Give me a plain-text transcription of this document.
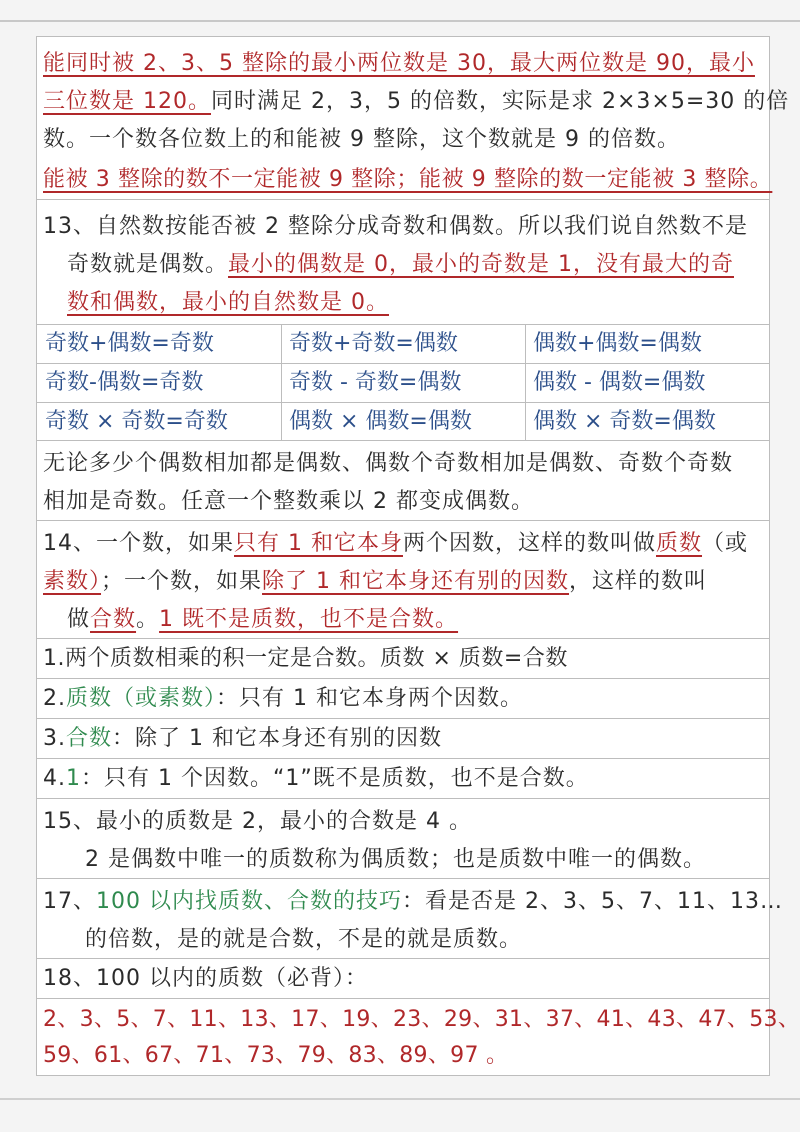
能同时被 2、3、5 整除的最小两位数是 30，最大两位数是 90，最小
三位数是 120。同时满足 2，3，5 的倍数，实际是求 2×3×5=30 的倍
数。一个数各位数上的和能被 9 整除，这个数就是 9 的倍数。
能被 3 整除的数不一定能被 9 整除；能被 9 整除的数一定能被 3 整除。
13、自然数按能否被 2 整除分成奇数和偶数。所以我们说自然数不是
奇数就是偶数。最小的偶数是 0，最小的奇数是 1，没有最大的奇
数和偶数，最小的自然数是 0。
奇数+偶数=奇数	奇数+奇数=偶数	偶数+偶数=偶数
奇数-偶数=奇数	奇数 - 奇数=偶数	偶数 - 偶数=偶数
奇数 × 奇数=奇数	偶数 × 偶数=偶数	偶数 × 奇数=偶数
无论多少个偶数相加都是偶数、偶数个奇数相加是偶数、奇数个奇数
相加是奇数。任意一个整数乘以 2 都变成偶数。
14、一个数，如果只有 1 和它本身两个因数，这样的数叫做质数（或
素数）；一个数，如果除了 1 和它本身还有别的因数，这样的数叫
做合数。1 既不是质数，也不是合数。
1.两个质数相乘的积一定是合数。质数 × 质数=合数
2.质数（或素数）：只有 1 和它本身两个因数。
3.合数：除了 1 和它本身还有别的因数
4.1：只有 1 个因数。“1”既不是质数，也不是合数。
15、最小的质数是 2，最小的合数是 4 。
2 是偶数中唯一的质数称为偶质数；也是质数中唯一的偶数。
17、100 以内找质数、合数的技巧：看是否是 2、3、5、7、11、13…
的倍数，是的就是合数，不是的就是质数。
18、100 以内的质数（必背）：
2、3、5、7、11、13、17、19、23、29、31、37、41、43、47、53、
59、61、67、71、73、79、83、89、97 。
